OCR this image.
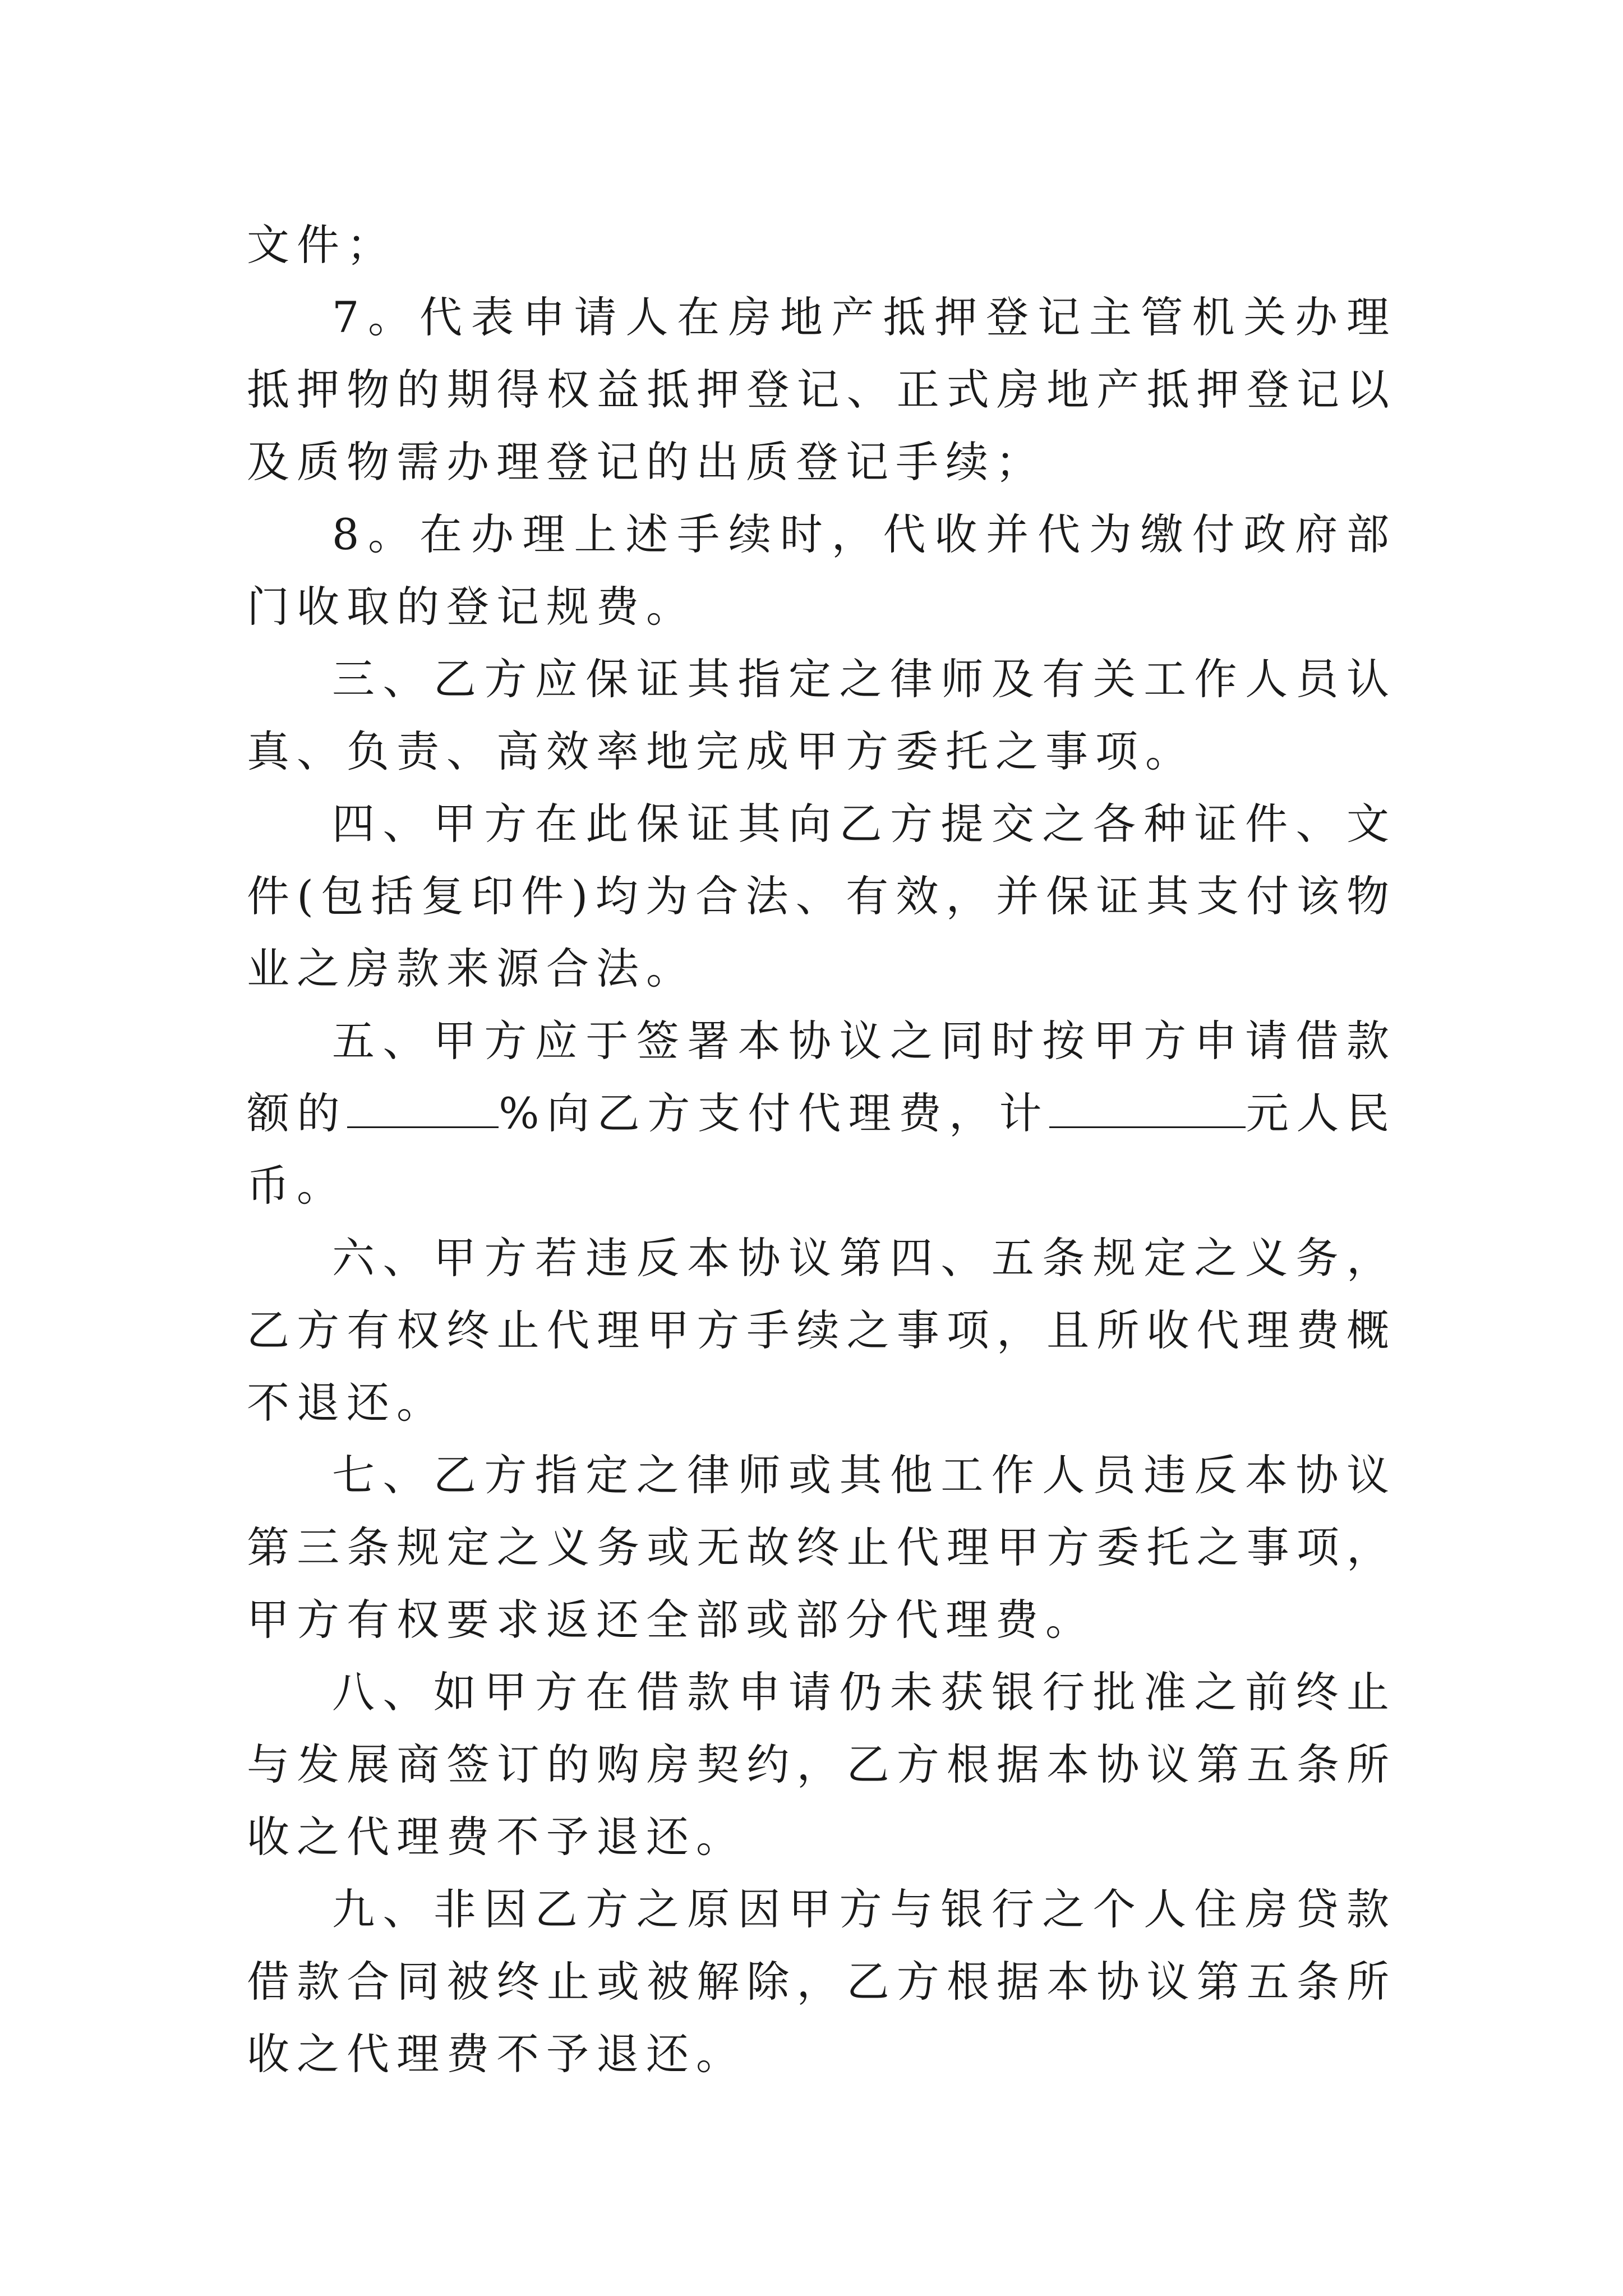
文件；

7。代表申请人在房地产抵押登记主管机关办理抵押物的期得权益抵押登记、正式房地产抵押登记以及质物需办理登记的出质登记手续；

8。在办理上述手续时，代收并代为缴付政府部门收取的登记规费。

三、乙方应保证其指定之律师及有关工作人员认真、负责、高效率地完成甲方委托之事项。

四、甲方在此保证其向乙方提交之各种证件、文件(包括复印件)均为合法、有效，并保证其支付该物业之房款来源合法。

五、甲方应于签署本协议之同时按甲方申请借款额的	%向乙方支付代理费，计	元人民币。

六、甲方若违反本协议第四、五条规定之义务，乙方有权终止代理甲方手续之事项，且所收代理费概不退还。

七、乙方指定之律师或其他工作人员违反本协议第三条规定之义务或无故终止代理甲方委托之事项，甲方有权要求返还全部或部分代理费。

八、如甲方在借款申请仍未获银行批准之前终止与发展商签订的购房契约，乙方根据本协议第五条所收之代理费不予退还。

九、非因乙方之原因甲方与银行之个人住房贷款借款合同被终止或被解除，乙方根据本协议第五条所收之代理费不予退还。
